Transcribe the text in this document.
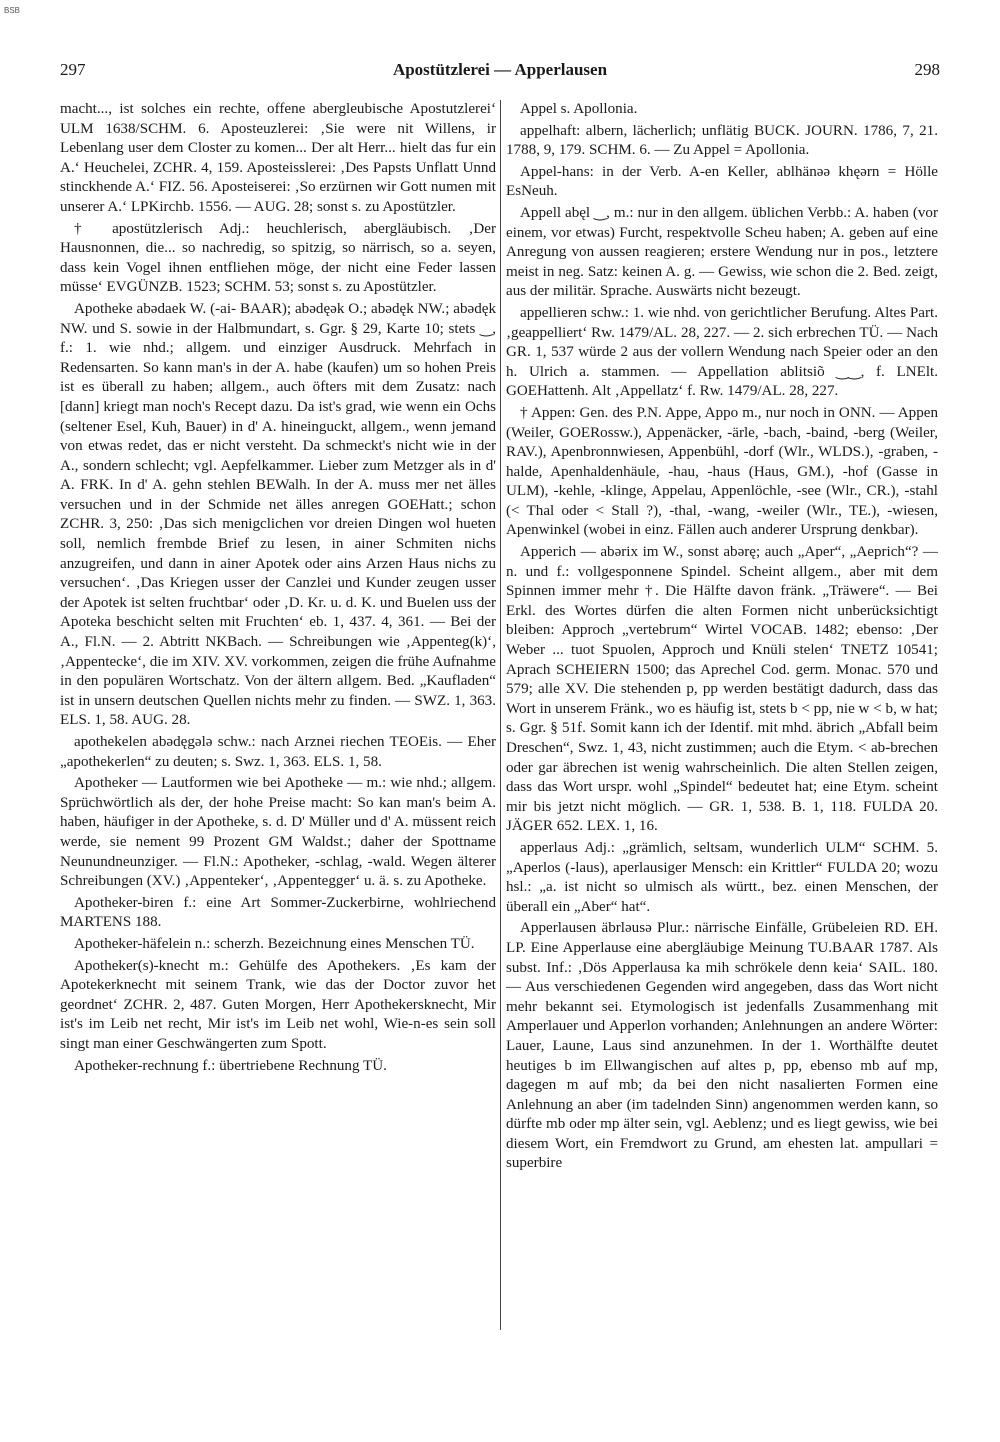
BSB
297	Apostützlerei — Apperlausen	298

macht..., ist solches ein rechte, offene abergleubische Apostutzlerei‘ ULM 1638/SCHM. 6. Aposteuzlerei: ‚Sie were nit Willens, ir Lebenlang user dem Closter zu komen... Der alt Herr... hielt das fur ein A.‘ Heuchelei, ZCHR. 4, 159. Aposteisslerei: ‚Des Papsts Unflatt Unnd stinckhende A.‘ FIZ. 56. Aposteiserei: ‚So erzürnen wir Gott numen mit unserer A.‘ LPKirchb. 1556. — AUG. 28; sonst s. zu Apostützler.

† apostützlerisch Adj.: heuchlerisch, abergläubisch. ‚Der Hausnonnen, die... so nachredig, so spitzig, so närrisch, so a. seyen, dass kein Vogel ihnen entfliehen möge, der nicht eine Feder lassen müsse‘ EVGÜNZB. 1523; SCHM. 53; sonst s. zu Apostützler.

Apotheke abədaek W. (-ai- BAAR); abədęək O.; abədęk NW.; abədęk NW. und S. sowie in der Halbmundart, s. Ggr. § 29, Karte 10; stets ‿, f.: 1. wie nhd.; allgem. und einziger Ausdruck. Mehrfach in Redensarten. So kann man's in der A. habe (kaufen) um so hohen Preis ist es überall zu haben; allgem., auch öfters mit dem Zusatz: nach [dann] kriegt man noch's Recept dazu. Da ist's grad, wie wenn ein Ochs (seltener Esel, Kuh, Bauer) in d' A. hineinguckt, allgem., wenn jemand von etwas redet, das er nicht versteht. Da schmeckt's nicht wie in der A., sondern schlecht; vgl. Aepfelkammer. Lieber zum Metzger als in d' A. FRK. In d' A. gehn stehlen BEWalh. In der A. muss mer net älles versuchen und in der Schmide net älles anregen GOEHatt.; schon ZCHR. 3, 250: ‚Das sich menigclichen vor dreien Dingen wol hueten soll, nemlich frembde Brief zu lesen, in ainer Schmiten nichs anzugreifen, und dann in ainer Apotek oder ains Arzen Haus nichs zu versuchen‘. ‚Das Kriegen usser der Canzlei und Kunder zeugen usser der Apotek ist selten fruchtbar‘ oder ‚D. Kr. u. d. K. und Buelen uss der Apoteka beschicht selten mit Fruchten‘ eb. 1, 437. 4, 361. — Bei der A., Fl.N. — 2. Abtritt NKBach. — Schreibungen wie ‚Appenteg(k)‘, ‚Appentecke‘, die im XIV. XV. vorkommen, zeigen die frühe Aufnahme in den populären Wortschatz. Von der ältern allgem. Bed. „Kaufladen“ ist in unsern deutschen Quellen nichts mehr zu finden. — SWZ. 1, 363. ELS. 1, 58. AUG. 28.

apothekelen abədęgələ schw.: nach Arznei riechen TEOEis. — Eher „apothekerlen“ zu deuten; s. Swz. 1, 363. ELS. 1, 58.

Apotheker — Lautformen wie bei Apotheke — m.: wie nhd.; allgem. Sprüchwörtlich als der, der hohe Preise macht: So kan man's beim A. haben, häufiger in der Apotheke, s. d. D' Müller und d' A. müssent reich werde, sie nement 99 Prozent GM Waldst.; daher der Spottname Neunundneunziger. — Fl.N.: Apotheker, -schlag, -wald. Wegen älterer Schreibungen (XV.) ‚Appenteker‘, ‚Appentegger‘ u. ä. s. zu Apotheke.

Apotheker-biren f.: eine Art Sommer-Zuckerbirne, wohlriechend MARTENS 188.

Apotheker-häfelein n.: scherzh. Bezeichnung eines Menschen TÜ.

Apotheker(s)-knecht m.: Gehülfe des Apothekers. ‚Es kam der Apotekerknecht mit seinem Trank, wie das der Doctor zuvor het geordnet‘ ZCHR. 2, 487. Guten Morgen, Herr Apothekersknecht, Mir ist's im Leib net recht, Mir ist's im Leib net wohl, Wie-n-es sein soll singt man einer Geschwängerten zum Spott.

Apotheker-rechnung f.: übertriebene Rechnung TÜ.

Appel s. Apollonia.

appelhaft: albern, lächerlich; unflätig BUCK. JOURN. 1786, 7, 21. 1788, 9, 179. SCHM. 6. — Zu Appel = Apollonia.

Appel-hans: in der Verb. A-en Keller, ablhänəə khęərn = Hölle EsNeuh.

Appell abęl ‿, m.: nur in den allgem. üblichen Verbb.: A. haben (vor einem, vor etwas) Furcht, respektvolle Scheu haben; A. geben auf eine Anregung von aussen reagieren; erstere Wendung nur in pos., letztere meist in neg. Satz: keinen A. g. — Gewiss, wie schon die 2. Bed. zeigt, aus der militär. Sprache. Auswärts nicht bezeugt.

appellieren schw.: 1. wie nhd. von gerichtlicher Berufung. Altes Part. ‚geappelliert‘ Rw. 1479/AL. 28, 227. — 2. sich erbrechen TÜ. — Nach GR. 1, 537 würde 2 aus der vollern Wendung nach Speier oder an den h. Ulrich a. stammen. — Appellation ablitsiõ ‿‿, f. LNElt. GOEHattenh. Alt ‚Appellatz‘ f. Rw. 1479/AL. 28, 227.

† Appen: Gen. des P.N. Appe, Appo m., nur noch in ONN. — Appen (Weiler, GOERossw.), Appenäcker, -ärle, -bach, -baind, -berg (Weiler, RAV.), Apenbronnwiesen, Appenbühl, -dorf (Wlr., WLDS.), -graben, -halde, Apenhaldenhäule, -hau, -haus (Haus, GM.), -hof (Gasse in ULM), -kehle, -klinge, Appelau, Appenlöchle, -see (Wlr., CR.), -stahl (< Thal oder < Stall ?), -thal, -wang, -weiler (Wlr., TE.), -wiesen, Apenwinkel (wobei in einz. Fällen auch anderer Ursprung denkbar).

Apperich — abərix im W., sonst abərę; auch „Aper“, „Aeprich“? — n. und f.: vollgesponnene Spindel. Scheint allgem., aber mit dem Spinnen immer mehr †. Die Hälfte davon fränk. „Träwere“. — Bei Erkl. des Wortes dürfen die alten Formen nicht unberücksichtigt bleiben: Approch „vertebrum“ Wirtel VOCAB. 1482; ebenso: ‚Der Weber ... tuot Spuolen, Approch und Knüli stelen‘ TNETZ 10541; Aprach SCHEIERN 1500; das Aprechel Cod. germ. Monac. 570 und 579; alle XV. Die stehenden p, pp werden bestätigt dadurch, dass das Wort in unserem Fränk., wo es häufig ist, stets b < pp, nie w < b, w hat; s. Ggr. § 51f. Somit kann ich der Identif. mit mhd. äbrich „Abfall beim Dreschen“, Swz. 1, 43, nicht zustimmen; auch die Etym. < ab-brechen oder gar äbrechen ist wenig wahrscheinlich. Die alten Stellen zeigen, dass das Wort urspr. wohl „Spindel“ bedeutet hat; eine Etym. scheint mir bis jetzt nicht möglich. — GR. 1, 538. B. 1, 118. FULDA 20. JÄGER 652. LEX. 1, 16.

apperlaus Adj.: „grämlich, seltsam, wunderlich ULM“ SCHM. 5. „Aperlos (-laus), aperlausiger Mensch: ein Krittler“ FULDA 20; wozu hsl.: „a. ist nicht so ulmisch als württ., bez. einen Menschen, der überall ein „Aber“ hat“.

Apperlausen äbrləusə Plur.: närrische Einfälle, Grübeleien RD. EH. LP. Eine Apperlause eine abergläubige Meinung TU.BAAR 1787. Als subst. Inf.: ‚Dös Apperlausa ka mih schrökele denn keia‘ SAIL. 180. — Aus verschiedenen Gegenden wird angegeben, dass das Wort nicht mehr bekannt sei. Etymologisch ist jedenfalls Zusammenhang mit Amperlauer und Apperlon vorhanden; Anlehnungen an andere Wörter: Lauer, Laune, Laus sind anzunehmen. In der 1. Worthälfte deutet heutiges b im Ellwangischen auf altes p, pp, ebenso mb auf mp, dagegen m auf mb; da bei den nicht nasalierten Formen eine Anlehnung an aber (im tadelnden Sinn) angenommen werden kann, so dürfte mb oder mp älter sein, vgl. Aeblenz; und es liegt gewiss, wie bei diesem Wort, ein Fremdwort zu Grund, am ehesten lat. ampullari = superbire
